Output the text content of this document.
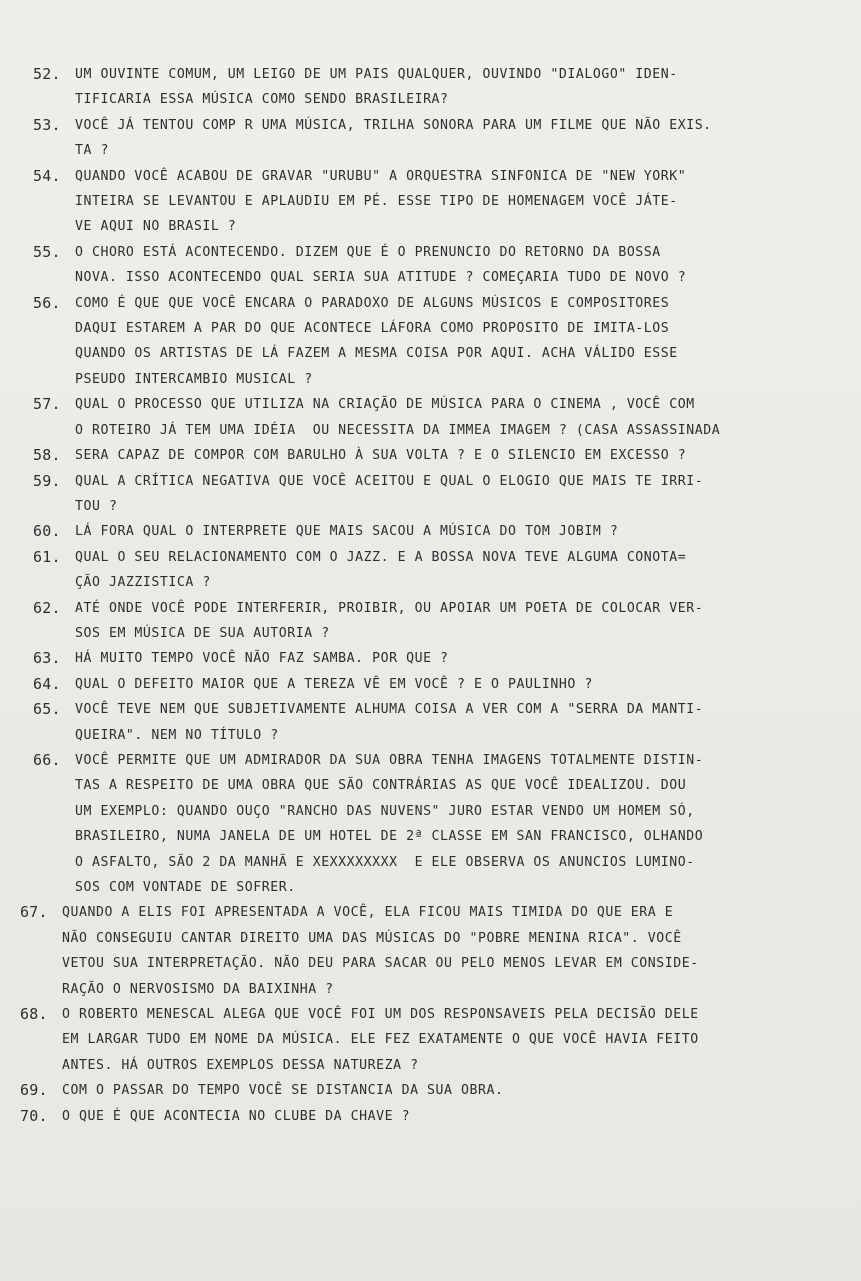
52.	UM OUVINTE COMUM, UM LEIGO DE UM PAIS QUALQUER, OUVINDO "DIALOGO" IDEN-
TIFICARIA ESSA MÚSICA COMO SENDO BRASILEIRA?
53.	VOCÊ JÁ TENTOU COMP R UMA MÚSICA, TRILHA SONORA PARA UM FILME QUE NÃO EXIS.
TA ?
54.	QUANDO VOCÊ ACABOU DE GRAVAR "URUBU" A ORQUESTRA SINFONICA DE "NEW YORK"
INTEIRA SE LEVANTOU E APLAUDIU EM PÉ. ESSE TIPO DE HOMENAGEM VOCÊ JÁTE-
VE AQUI NO BRASIL ?
55.	O CHORO ESTÁ ACONTECENDO. DIZEM QUE É O PRENUNCIO DO RETORNO DA BOSSA
NOVA. ISSO ACONTECENDO QUAL SERIA SUA ATITUDE ? COMEÇARIA TUDO DE NOVO ?
56.	COMO É QUE QUE VOCÊ ENCARA O PARADOXO DE ALGUNS MÚSICOS E COMPOSITORES
DAQUI ESTAREM A PAR DO QUE ACONTECE LÁFORA COMO PROPOSITO DE IMITA-LOS
QUANDO OS ARTISTAS DE LÁ FAZEM A MESMA COISA POR AQUI. ACHA VÁLIDO ESSE
PSEUDO INTERCAMBIO MUSICAL ?
57.	QUAL O PROCESSO QUE UTILIZA NA CRIAÇÃO DE MÚSICA PARA O CINEMA , VOCÊ COM
O ROTEIRO JÁ TEM UMA IDÉIA  OU NECESSITA DA IMMEA IMAGEM ? (CASA ASSASSINADA
58.	SERA CAPAZ DE COMPOR COM BARULHO À SUA VOLTA ? E O SILENCIO EM EXCESSO ?
59.	QUAL A CRÍTICA NEGATIVA QUE VOCÊ ACEITOU E QUAL O ELOGIO QUE MAIS TE IRRI-
TOU ?
60.	LÁ FORA QUAL O INTERPRETE QUE MAIS SACOU A MÚSICA DO TOM JOBIM ?
61.	QUAL O SEU RELACIONAMENTO COM O JAZZ. E A BOSSA NOVA TEVE ALGUMA CONOTA=
ÇÃO JAZZISTICA ?
62.	ATÉ ONDE VOCÊ PODE INTERFERIR, PROIBIR, OU APOIAR UM POETA DE COLOCAR VER-
SOS EM MÚSICA DE SUA AUTORIA ?
63.	HÁ MUITO TEMPO VOCÊ NÃO FAZ SAMBA. POR QUE ?
64.	QUAL O DEFEITO MAIOR QUE A TEREZA VÊ EM VOCÊ ? E O PAULINHO ?
65.	VOCÊ TEVE NEM QUE SUBJETIVAMENTE ALHUMA COISA A VER COM A "SERRA DA MANTI-
QUEIRA". NEM NO TÍTULO ?
66.	VOCÊ PERMITE QUE UM ADMIRADOR DA SUA OBRA TENHA IMAGENS TOTALMENTE DISTIN-
TAS A RESPEITO DE UMA OBRA QUE SÃO CONTRÁRIAS AS QUE VOCÊ IDEALIZOU. DOU
UM EXEMPLO: QUANDO OUÇO "RANCHO DAS NUVENS" JURO ESTAR VENDO UM HOMEM SÓ,
BRASILEIRO, NUMA JANELA DE UM HOTEL DE 2ª CLASSE EM SAN FRANCISCO, OLHANDO
O ASFALTO, SÃO 2 DA MANHÃ E XEXXXXXXXX  E ELE OBSERVA OS ANUNCIOS LUMINO-
SOS COM VONTADE DE SOFRER.
67.	QUANDO A ELIS FOI APRESENTADA A VOCÊ, ELA FICOU MAIS TIMIDA DO QUE ERA E
NÃO CONSEGUIU CANTAR DIREITO UMA DAS MÚSICAS DO "POBRE MENINA RICA". VOCÊ
VETOU SUA INTERPRETAÇÃO. NÃO DEU PARA SACAR OU PELO MENOS LEVAR EM CONSIDE-
RAÇÃO O NERVOSISMO DA BAIXINHA ?
68.	O ROBERTO MENESCAL ALEGA QUE VOCÊ FOI UM DOS RESPONSAVEIS PELA DECISÃO DELE
EM LARGAR TUDO EM NOME DA MÚSICA. ELE FEZ EXATAMENTE O QUE VOCÊ HAVIA FEITO
ANTES. HÁ OUTROS EXEMPLOS DESSA NATUREZA ?
69.	COM O PASSAR DO TEMPO VOCÊ SE DISTANCIA DA SUA OBRA.
70.	O QUE É QUE ACONTECIA NO CLUBE DA CHAVE ?
